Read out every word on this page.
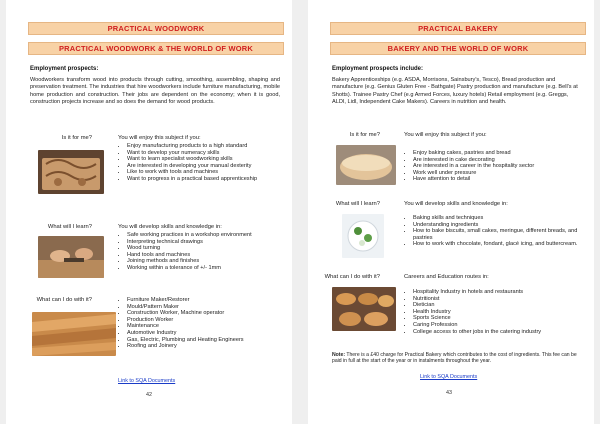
PRACTICAL WOODWORK
PRACTICAL WOODWORK & THE WORLD OF WORK
Employment prospects:

Woodworkers transform wood into products through cutting, smoothing, assembling, shaping and preservation treatment. The industries that hire woodworkers include furniture manufacturing, mobile home production and construction. Their jobs are dependent on the economy; when it is good, construction projects increase and so does the demand for wood products.

Is it for me?	You will enjoy this subject if you:
• Enjoy manufacturing products to a high standard
• Want to develop your numeracy skills
• Want to learn specialist woodworking skills
• Are interested in developing your manual dexterity
• Like to work with tools and machines
• Want to progress in a practical based apprenticeship
What will I learn?	You will develop skills and knowledge in:
• Safe working practices in a workshop environment
• Interpreting technical drawings
• Wood turning
• Hand tools and machines
• Joining methods and finishes
• Working within a tolerance of +/- 1mm
What can I do with it?
•	Furniture Maker/Restorer
• Mould/Pattern Maker
• Construction Worker, Machine operator
• Production Worker
• Maintenance
• Automotive Industry
• Gas, Electric, Plumbing and Heating Engineers
• Roofing and Joinery
Link to SQA Documents
42
PRACTICAL BAKERY
BAKERY AND THE WORLD OF WORK
Employment prospects include:

Bakery Apprenticeships (e.g. ASDA, Morrisons, Sainsbury's, Tesco), Bread production and manufacture (e.g. Genius Gluten Free - Bathgate) Pastry production and manufacture (e.g. Bell's at Shotts). Trainee Pastry Chef (e.g Armed Forces, luxury hotels) Retail employment (e.g. Greggs, ALDI, Lidl, Independent Cake Makers). Careers in nutrition and health.

Is it for me?	You will enjoy this subject if you:
• Enjoy baking cakes, pastries and bread
• Are interested in cake decorating
• Are interested in a career in the hospitality sector
• Work well under pressure
• Have attention to detail
What will I learn?	You will develop skills and knowledge in:
• Baking skills and techniques
• Understanding ingredients
• How to bake biscuits, small cakes, meringue, different breads, and pastries
• How to work with chocolate, fondant, glacé icing, and buttercream.
What can I do with it?	Careers and Education routes in:
• Hospitality Industry in hotels and restaurants
• Nutritionist
• Dietician
• Health Industry
• Sports Science
• Caring Profession
• College access to other jobs in the catering industry

Note: There is a £40 charge for Practical Bakery which contributes to the cost of ingredients. This fee can be paid in full at the start of the year or in instalments throughout the year.

Link to SQA Documents
43
